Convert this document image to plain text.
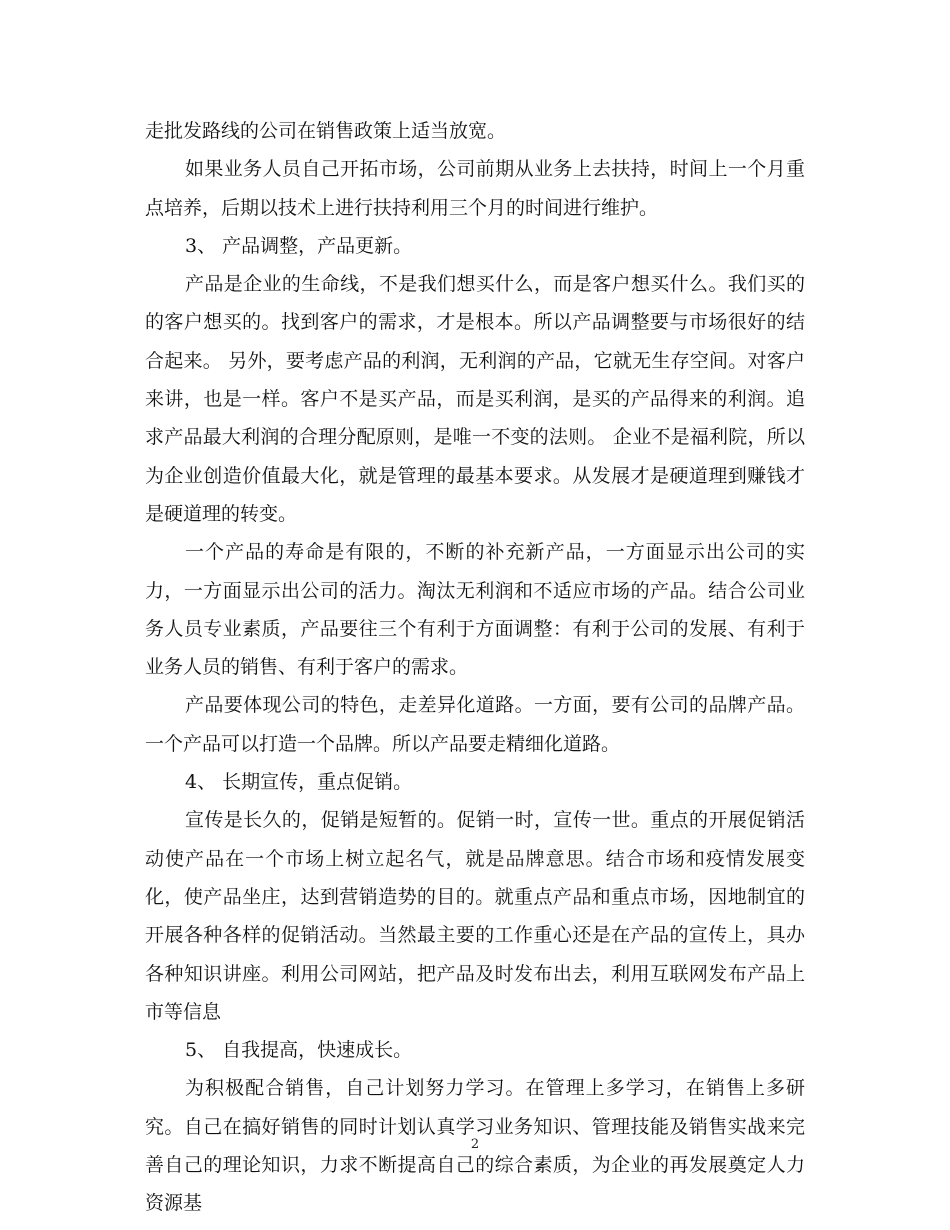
走批发路线的公司在销售政策上适当放宽。

如果业务人员自己开拓市场，公司前期从业务上去扶持，时间上一个月重点培养，后期以技术上进行扶持利用三个月的时间进行维护。

3、 产品调整，产品更新。

产品是企业的生命线，不是我们想买什么，而是客户想买什么。我们买的的客户想买的。找到客户的需求，才是根本。所以产品调整要与市场很好的结合起来。 另外，要考虑产品的利润，无利润的产品，它就无生存空间。对客户来讲，也是一样。客户不是买产品，而是买利润，是买的产品得来的利润。追求产品最大利润的合理分配原则，是唯一不变的法则。 企业不是福利院，所以为企业创造价值最大化，就是管理的最基本要求。从发展才是硬道理到赚钱才是硬道理的转变。

一个产品的寿命是有限的，不断的补充新产品，一方面显示出公司的实力，一方面显示出公司的活力。淘汰无利润和不适应市场的产品。结合公司业务人员专业素质，产品要往三个有利于方面调整：有利于公司的发展、有利于业务人员的销售、有利于客户的需求。

产品要体现公司的特色，走差异化道路。一方面，要有公司的品牌产品。一个产品可以打造一个品牌。所以产品要走精细化道路。

4、 长期宣传，重点促销。

宣传是长久的，促销是短暂的。促销一时，宣传一世。重点的开展促销活动使产品在一个市场上树立起名气，就是品牌意思。结合市场和疫情发展变化，使产品坐庄，达到营销造势的目的。就重点产品和重点市场，因地制宜的开展各种各样的促销活动。当然最主要的工作重心还是在产品的宣传上，具办各种知识讲座。利用公司网站，把产品及时发布出去，利用互联网发布产品上市等信息

5、 自我提高，快速成长。

为积极配合销售，自己计划努力学习。在管理上多学习，在销售上多研究。自己在搞好销售的同时计划认真学习业务知识、管理技能及销售实战来完善自己的理论知识，力求不断提高自己的综合素质，为企业的再发展奠定人力资源基

2
